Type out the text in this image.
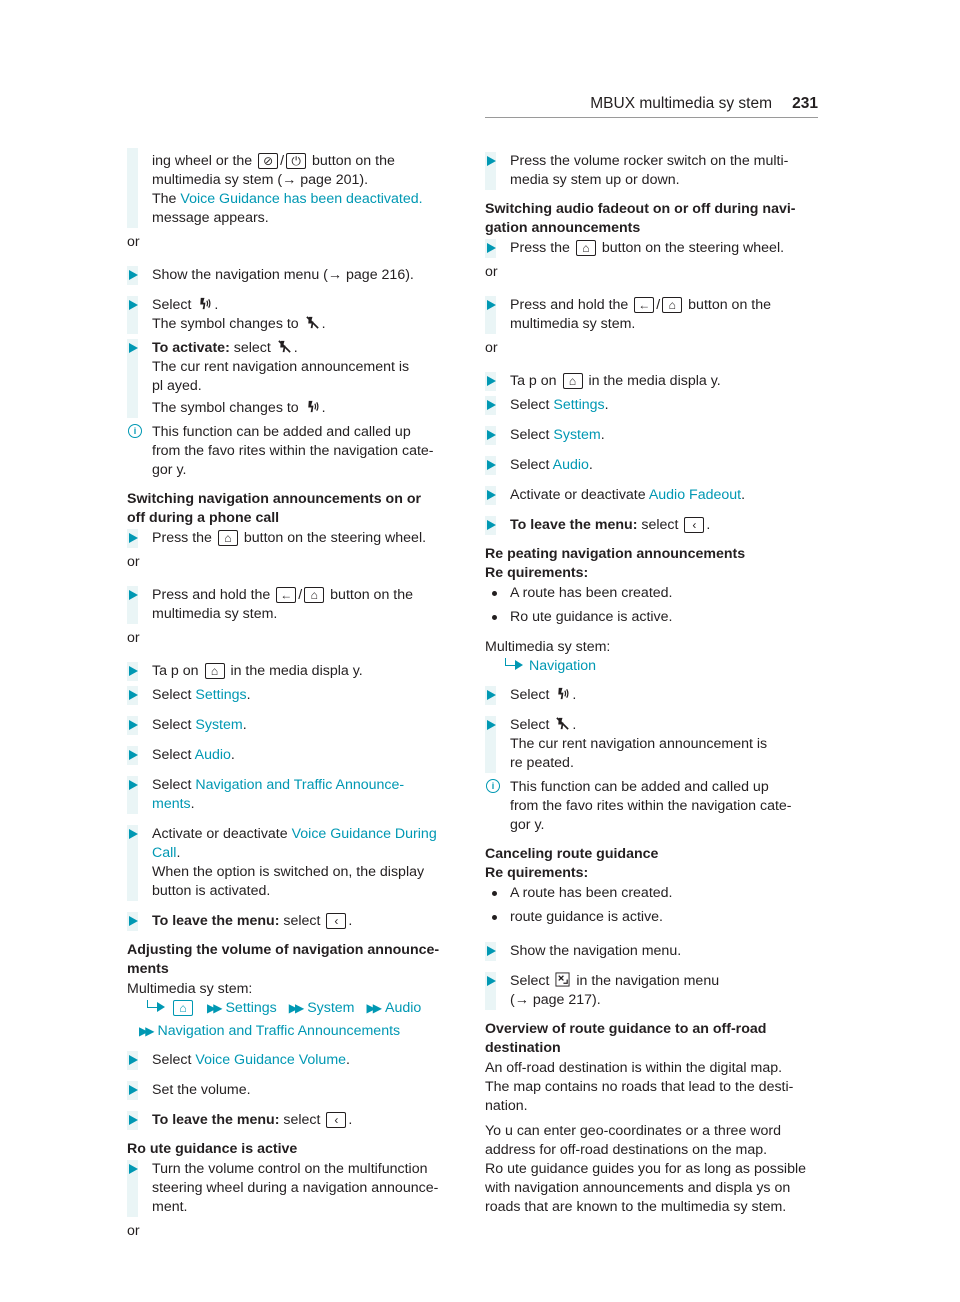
MBUX multimedia sy stem 231
ing wheel or the ⊘ / ⏻ button on the
multimedia sy stem (→ page 201).
The Voice Guidance has been deactivated.
message appears.
or
Show the navigation menu (→ page 216).
Select .
The symbol changes to .
To activate: select .
The cur rent navigation announcement is
pl ayed.
The symbol changes to .
i	This function can be added and called up
from the favo rites within the navigation cate‐
gor y.
Switching navigation announcements on or
off during a phone call
Press the ⌂ button on the steering wheel.
or
Press and hold the ← / ⌂ button on the
multimedia sy stem.
or
Ta p on ⌂ in the media displa y.
Select Settings.
Select System.
Select Audio.
Select Navigation and Traffic Announce‐
ments.
Activate or deactivate Voice Guidance During
Call.
When the option is switched on, the display
button is activated.
To leave the menu: select ‹ .
Adjusting the volume of navigation announce‐
ments
Multimedia sy stem:
⌂ ▶▶ Settings ▶▶ System ▶▶ Audio
▶▶ Navigation and Traffic Announcements
Select Voice Guidance Volume.
Set the volume.
To leave the menu: select ‹ .
Ro ute guidance is active
Turn the volume control on the multifunction
steering wheel during a navigation announce‐
ment.
or
Press the volume rocker switch on the multi‐
media sy stem up or down.
Switching audio fadeout on or off during navi‐
gation announcements
Press the ⌂ button on the steering wheel.
or
Press and hold the ← / ⌂ button on the
multimedia sy stem.
or
Ta p on ⌂ in the media displa y.
Select Settings.
Select System.
Select Audio.
Activate or deactivate Audio Fadeout.
To leave the menu: select ‹ .
Re peating navigation announcements
Re quirements:
A route has been created.
Ro ute guidance is active.
Multimedia sy stem:
Navigation
Select .
Select .
The cur rent navigation announcement is
re peated.
i	This function can be added and called up
from the favo rites within the navigation cate‐
gor y.
Canceling route guidance
Re quirements:
A route has been created.
route guidance is active.
Show the navigation menu.
Select in the navigation menu
(→ page 217).
Overview of route guidance to an off-road
destination
An off-road destination is within the digital map.
The map contains no roads that lead to the desti‐
nation.
Yo u can enter geo-coordinates or a three word
address for off-road destinations on the map.
Ro ute guidance guides you for as long as possible
with navigation announcements and displa ys on
roads that are known to the multimedia sy stem.
